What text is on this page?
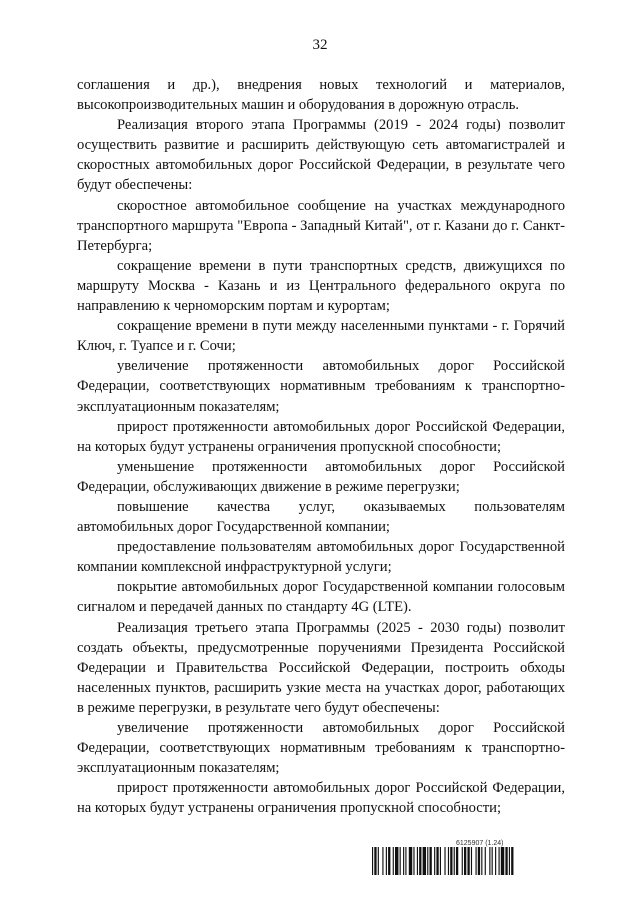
32

соглашения и др.), внедрения новых технологий и материалов, высокопроизводительных машин и оборудования в дорожную отрасль.

Реализация второго этапа Программы (2019 - 2024 годы) позволит осуществить развитие и расширить действующую сеть автомагистралей и скоростных автомобильных дорог Российской Федерации, в результате чего будут обеспечены:

скоростное автомобильное сообщение на участках международного транспортного маршрута "Европа - Западный Китай", от г. Казани до г. Санкт-Петербурга;

сокращение времени в пути транспортных средств, движущихся по маршруту Москва - Казань и из Центрального федерального округа по направлению к черноморским портам и курортам;

сокращение времени в пути между населенными пунктами - г. Горячий Ключ, г. Туапсе и г. Сочи;

увеличение протяженности автомобильных дорог Российской Федерации, соответствующих нормативным требованиям к транспортно-эксплуатационным показателям;

прирост протяженности автомобильных дорог Российской Федерации, на которых будут устранены ограничения пропускной способности;

уменьшение протяженности автомобильных дорог Российской Федерации, обслуживающих движение в режиме перегрузки;

повышение качества услуг, оказываемых пользователям автомобильных дорог Государственной компании;

предоставление пользователям автомобильных дорог Государственной компании комплексной инфраструктурной услуги;

покрытие автомобильных дорог Государственной компании голосовым сигналом и передачей данных по стандарту 4G (LTE).

Реализация третьего этапа Программы (2025 - 2030 годы) позволит создать объекты, предусмотренные поручениями Президента Российской Федерации и Правительства Российской Федерации, построить обходы населенных пунктов, расширить узкие места на участках дорог, работающих в режиме перегрузки, в результате чего будут обеспечены:

увеличение протяженности автомобильных дорог Российской Федерации, соответствующих нормативным требованиям к транспортно-эксплуатационным показателям;

прирост протяженности автомобильных дорог Российской Федерации, на которых будут устранены ограничения пропускной способности;

6125907 (1.24)
